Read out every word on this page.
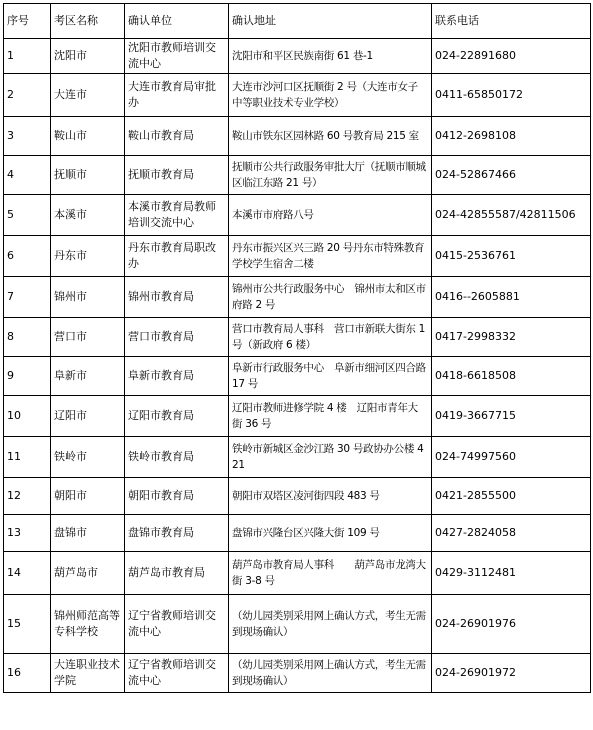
序号	考区名称	确认单位	确认地址	联系电话
1	沈阳市	沈阳市教师培训交流中心	沈阳市和平区民族南街 61 巷-1	024-22891680
2	大连市	大连市教育局审批办	大连市沙河口区抚顺街 2 号（大连市女子中等职业技术专业学校）	0411-65850172
3	鞍山市	鞍山市教育局	鞍山市铁东区园林路 60 号教育局 215 室	0412-2698108
4	抚顺市	抚顺市教育局	抚顺市公共行政服务审批大厅（抚顺市顺城区临江东路 21 号）	024-52867466
5	本溪市	本溪市教育局教师培训交流中心	本溪市市府路八号	024-42855587/42811506
6	丹东市	丹东市教育局职改办	丹东市振兴区兴三路 20 号丹东市特殊教育学校学生宿舍二楼	0415-2536761
7	锦州市	锦州市教育局	锦州市公共行政服务中心　锦州市太和区市府路 2 号	0416--2605881
8	营口市	营口市教育局	营口市教育局人事科　营口市新联大街东 1 号（新政府 6 楼）	0417-2998332
9	阜新市	阜新市教育局	阜新市行政服务中心　阜新市细河区四合路 17 号	0418-6618508
10	辽阳市	辽阳市教育局	辽阳市教师进修学院 4 楼　辽阳市青年大街 36 号	0419-3667715
11	铁岭市	铁岭市教育局	铁岭市新城区金沙江路 30 号政协办公楼 421	024-74997560
12	朝阳市	朝阳市教育局	朝阳市双塔区凌河街四段 483 号	0421-2855500
13	盘锦市	盘锦市教育局	盘锦市兴隆台区兴隆大街 109 号	0427-2824058
14	葫芦岛市	葫芦岛市教育局	葫芦岛市教育局人事科　　葫芦岛市龙湾大街 3-8 号	0429-3112481
15	锦州师范高等专科学校	辽宁省教师培训交流中心	（幼儿园类别采用网上确认方式，考生无需到现场确认）	024-26901976
16	大连职业技术学院	辽宁省教师培训交流中心	（幼儿园类别采用网上确认方式，考生无需到现场确认）	024-26901972
